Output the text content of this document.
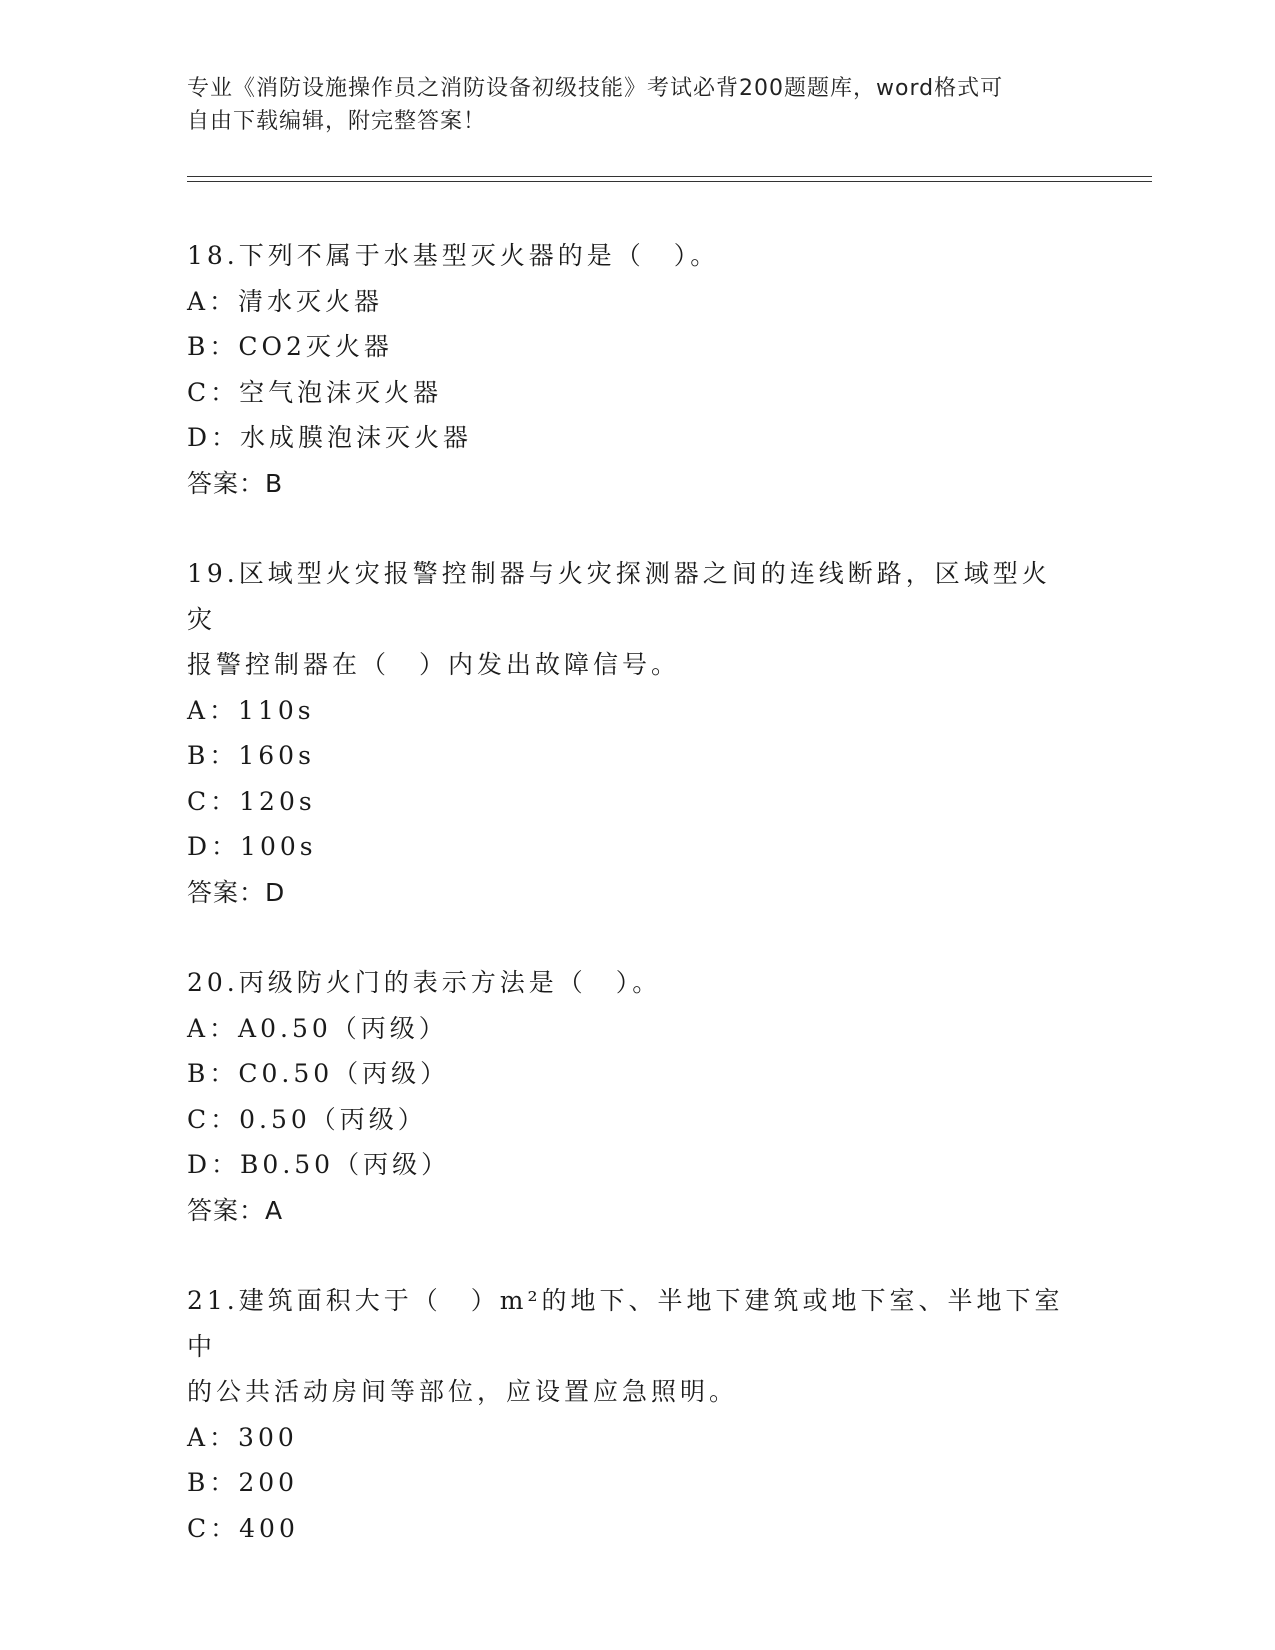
专业《消防设施操作员之消防设备初级技能》考试必背200题题库，word格式可
自由下载编辑，附完整答案！
18.下列不属于水基型灭火器的是（　）。
A：清水灭火器
B：CO2灭火器
C：空气泡沫灭火器
D：水成膜泡沫灭火器
答案：B
19.区域型火灾报警控制器与火灾探测器之间的连线断路，区域型火灾
报警控制器在（　）内发出故障信号。
A：110s
B：160s
C：120s
D：100s
答案：D
20.丙级防火门的表示方法是（　）。
A：A0.50（丙级）
B：C0.50（丙级）
C：0.50（丙级）
D：B0.50（丙级）
答案：A
21.建筑面积大于（　）m²的地下、半地下建筑或地下室、半地下室中
的公共活动房间等部位，应设置应急照明。
A：300
B：200
C：400
